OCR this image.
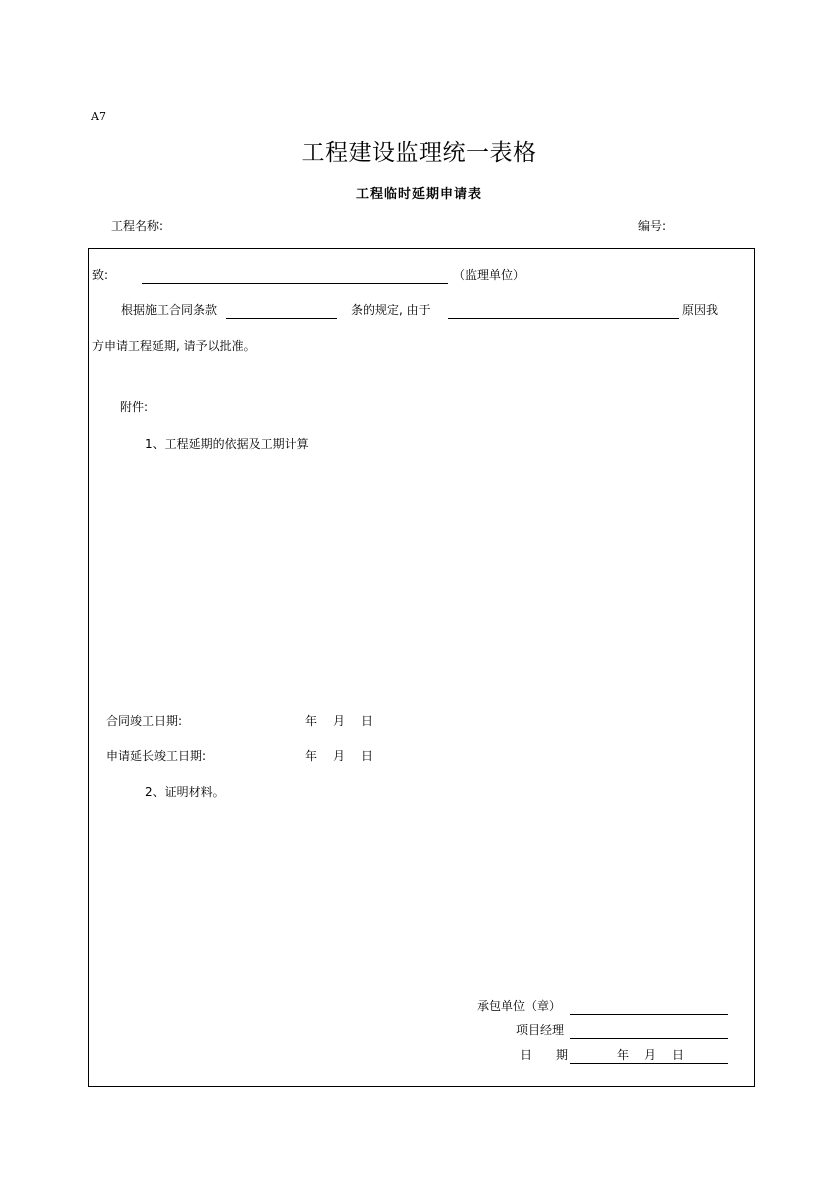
A7
工程建设监理统一表格
工程临时延期申请表
工程名称:	编号:
致:	（监理单位）
根据施工合同条款	条的规定, 由于	原因我
方申请工程延期, 请予以批准。
附件:
1、工程延期的依据及工期计算
合同竣工日期:	年 月 日
申请延长竣工日期:	年 月 日
2、证明材料。
承包单位（章）
项目经理
日　　期	年 月 日
